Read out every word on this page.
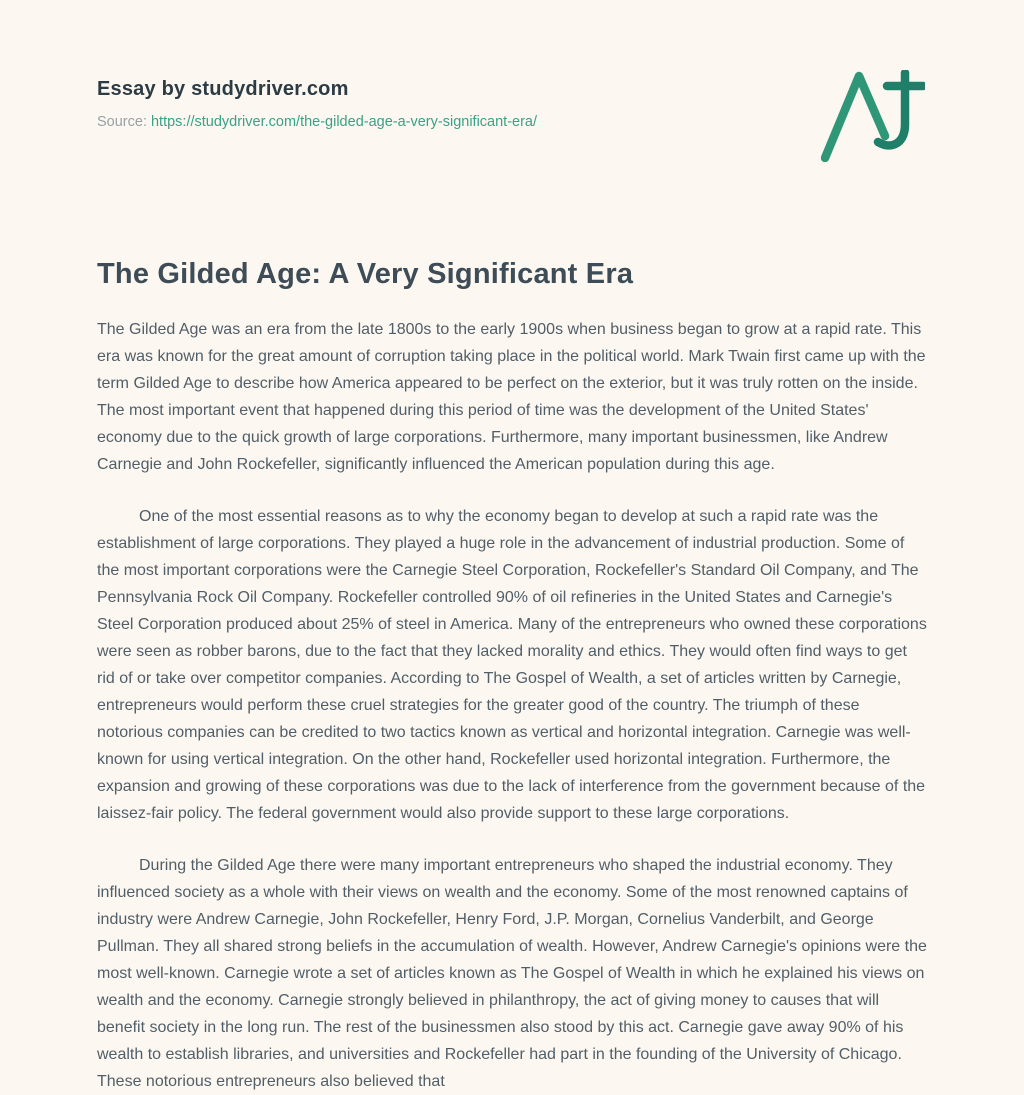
Essay by studydriver.com
Source: https://studydriver.com/the-gilded-age-a-very-significant-era/
The Gilded Age: A Very Significant Era

The Gilded Age was an era from the late 1800s to the early 1900s when business began to grow at a rapid rate. This era was known for the great amount of corruption taking place in the political world. Mark Twain first came up with the term Gilded Age to describe how America appeared to be perfect on the exterior, but it was truly rotten on the inside. The most important event that happened during this period of time was the development of the United States' economy due to the quick growth of large corporations. Furthermore, many important businessmen, like Andrew Carnegie and John Rockefeller, significantly influenced the American population during this age.

One of the most essential reasons as to why the economy began to develop at such a rapid rate was the establishment of large corporations. They played a huge role in the advancement of industrial production. Some of the most important corporations were the Carnegie Steel Corporation, Rockefeller's Standard Oil Company, and The Pennsylvania Rock Oil Company. Rockefeller controlled 90% of oil refineries in the United States and Carnegie's Steel Corporation produced about 25% of steel in America. Many of the entrepreneurs who owned these corporations were seen as robber barons, due to the fact that they lacked morality and ethics. They would often find ways to get rid of or take over competitor companies. According to The Gospel of Wealth, a set of articles written by Carnegie, entrepreneurs would perform these cruel strategies for the greater good of the country. The triumph of these notorious companies can be credited to two tactics known as vertical and horizontal integration. Carnegie was well-known for using vertical integration. On the other hand, Rockefeller used horizontal integration. Furthermore, the expansion and growing of these corporations was due to the lack of interference from the government because of the laissez-fair policy. The federal government would also provide support to these large corporations.

During the Gilded Age there were many important entrepreneurs who shaped the industrial economy. They influenced society as a whole with their views on wealth and the economy. Some of the most renowned captains of industry were Andrew Carnegie, John Rockefeller, Henry Ford, J.P. Morgan, Cornelius Vanderbilt, and George Pullman. They all shared strong beliefs in the accumulation of wealth. However, Andrew Carnegie's opinions were the most well-known. Carnegie wrote a set of articles known as The Gospel of Wealth in which he explained his views on wealth and the economy. Carnegie strongly believed in philanthropy, the act of giving money to causes that will benefit society in the long run. The rest of the businessmen also stood by this act. Carnegie gave away 90% of his wealth to establish libraries, and universities and Rockefeller had part in the founding of the University of Chicago. These notorious entrepreneurs also believed that
